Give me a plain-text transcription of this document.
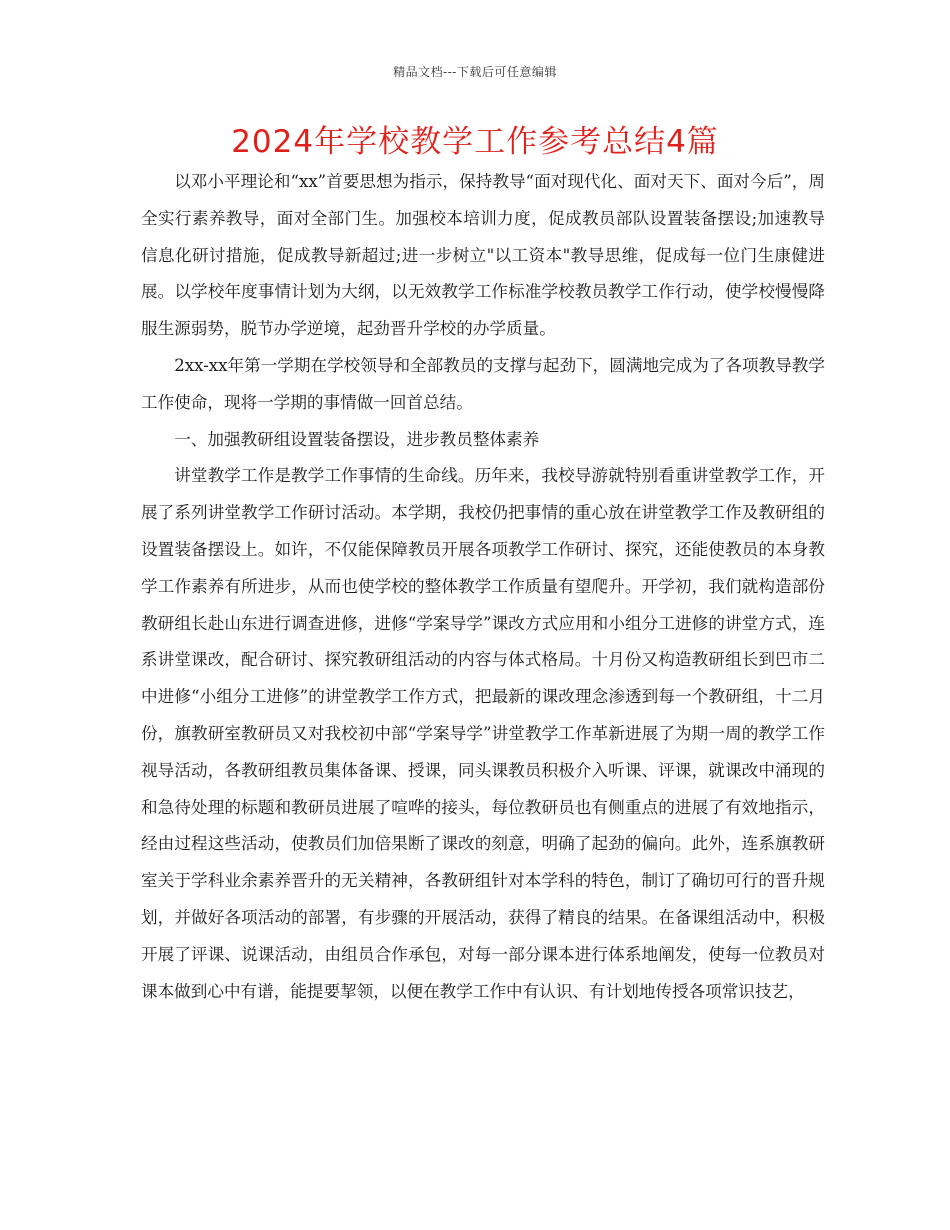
精品文档---下载后可任意编辑
2024年学校教学工作参考总结4篇

以邓小平理论和“xx”首要思想为指示，保持教导“面对现代化、面对天下、面对今后”，周全实行素养教导，面对全部门生。加强校本培训力度，促成教员部队设置装备摆设;加速教导信息化研讨措施，促成教导新超过;进一步树立"以工资本"教导思维，促成每一位门生康健进展。以学校年度事情计划为大纲，以无效教学工作标准学校教员教学工作行动，使学校慢慢降服生源弱势，脱节办学逆境，起劲晋升学校的办学质量。

2xx-xx年第一学期在学校领导和全部教员的支撑与起劲下，圆满地完成为了各项教导教学工作使命，现将一学期的事情做一回首总结。

一、加强教研组设置装备摆设，进步教员整体素养

讲堂教学工作是教学工作事情的生命线。历年来，我校导游就特别看重讲堂教学工作，开展了系列讲堂教学工作研讨活动。本学期，我校仍把事情的重心放在讲堂教学工作及教研组的设置装备摆设上。如许，不仅能保障教员开展各项教学工作研讨、探究，还能使教员的本身教学工作素养有所进步，从而也使学校的整体教学工作质量有望爬升。开学初，我们就构造部份教研组长赴山东进行调查进修，进修“学案导学”课改方式应用和小组分工进修的讲堂方式，连系讲堂课改，配合研讨、探究教研组活动的内容与体式格局。十月份又构造教研组长到巴市二中进修“小组分工进修”的讲堂教学工作方式，把最新的课改理念渗透到每一个教研组，十二月份，旗教研室教研员又对我校初中部“学案导学”讲堂教学工作革新进展了为期一周的教学工作视导活动，各教研组教员集体备课、授课，同头课教员积极介入听课、评课，就课改中涌现的和急待处理的标题和教研员进展了喧哗的接头，每位教研员也有侧重点的进展了有效地指示，经由过程这些活动，使教员们加倍果断了课改的刻意，明确了起劲的偏向。此外，连系旗教研室关于学科业余素养晋升的无关精神，各教研组针对本学科的特色，制订了确切可行的晋升规划，并做好各项活动的部署，有步骤的开展活动，获得了精良的结果。在备课组活动中，积极开展了评课、说课活动，由组员合作承包，对每一部分课本进行体系地阐发，使每一位教员对课本做到心中有谱，能提要挈领，以便在教学工作中有认识、有计划地传授各项常识技艺，
